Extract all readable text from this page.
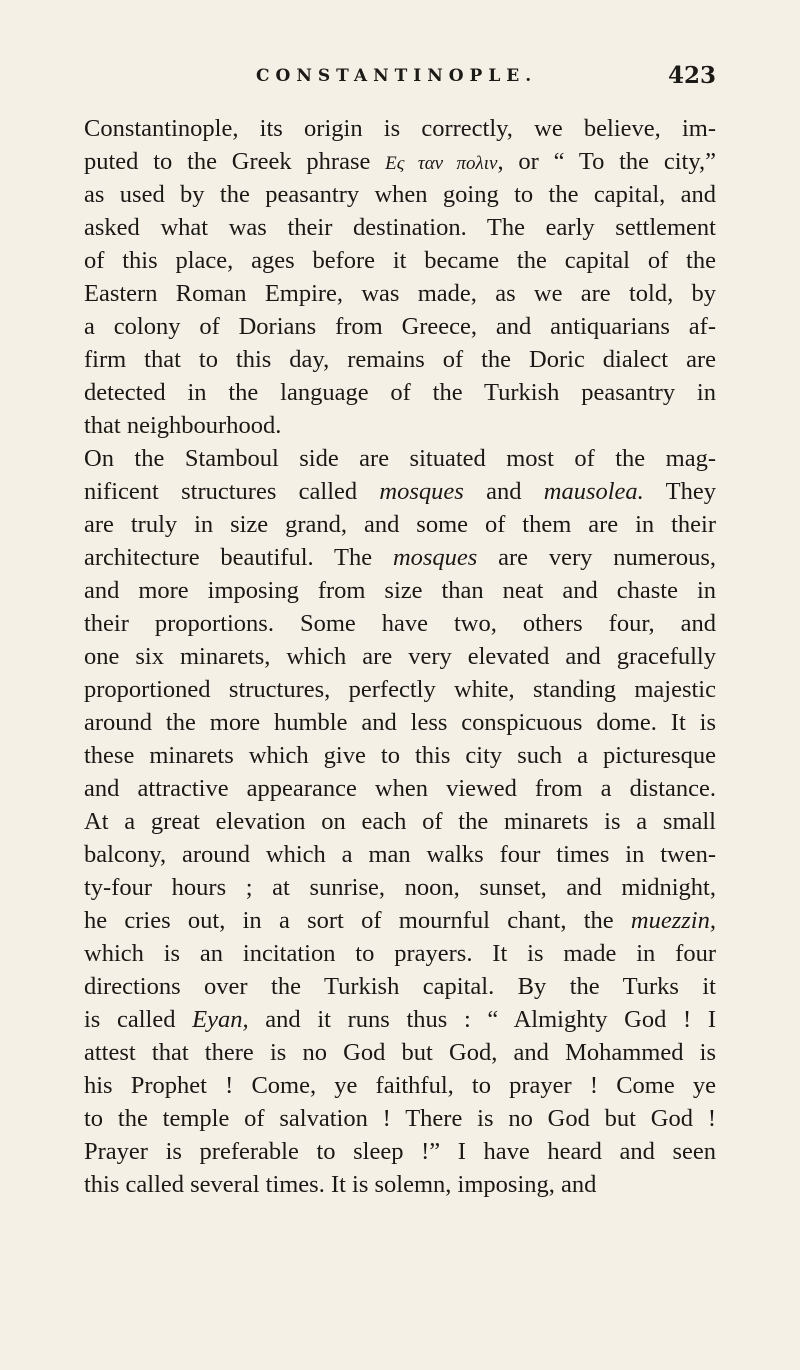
CONSTANTINOPLE.	423
Constantinople, its origin is correctly, we believe, im-
puted to the Greek phrase Eς ταν πολιν, or “ To the city,”
as used by the peasantry when going to the capital, and
asked what was their destination. The early settlement
of this place, ages before it became the capital of the
Eastern Roman Empire, was made, as we are told, by
a colony of Dorians from Greece, and antiquarians af-
firm that to this day, remains of the Doric dialect are
detected in the language of the Turkish peasantry in
that neighbourhood.
On the Stamboul side are situated most of the mag-
nificent structures called mosques and mausolea. They
are truly in size grand, and some of them are in their
architecture beautiful. The mosques are very numerous,
and more imposing from size than neat and chaste in
their proportions. Some have two, others four, and
one six minarets, which are very elevated and gracefully
proportioned structures, perfectly white, standing majestic
around the more humble and less conspicuous dome. It is
these minarets which give to this city such a picturesque
and attractive appearance when viewed from a distance.
At a great elevation on each of the minarets is a small
balcony, around which a man walks four times in twen-
ty-four hours ; at sunrise, noon, sunset, and midnight,
he cries out, in a sort of mournful chant, the muezzin,
which is an incitation to prayers. It is made in four
directions over the Turkish capital. By the Turks it
is called Eyan, and it runs thus : “ Almighty God ! I
attest that there is no God but God, and Mohammed is
his Prophet ! Come, ye faithful, to prayer ! Come ye
to the temple of salvation ! There is no God but God !
Prayer is preferable to sleep !” I have heard and seen
this called several times. It is solemn, imposing, and
